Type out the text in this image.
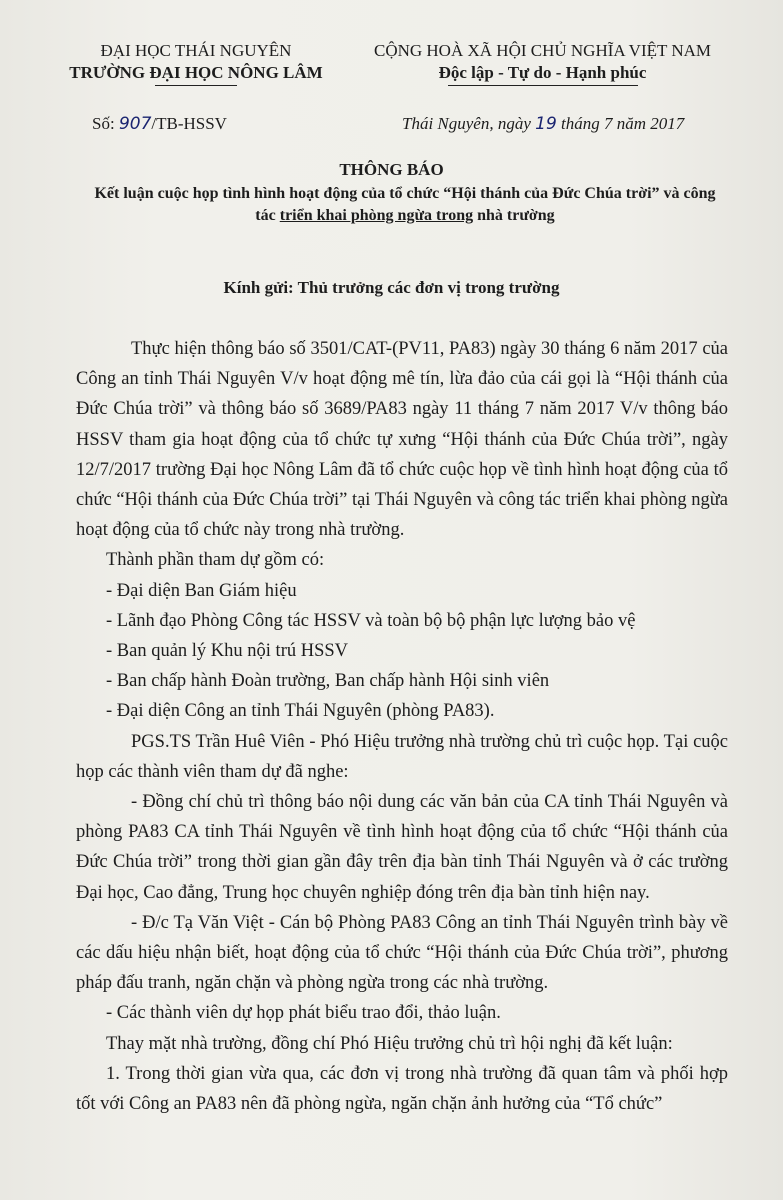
ĐẠI HỌC THÁI NGUYÊN
TRƯỜNG ĐẠI HỌC NÔNG LÂM
CỘNG HOÀ XÃ HỘI CHỦ NGHĨA VIỆT NAM
Độc lập - Tự do - Hạnh phúc
Số: 907/TB-HSSV	Thái Nguyên, ngày 19 tháng 7 năm 2017
THÔNG BÁO
Kết luận cuộc họp tình hình hoạt động của tổ chức “Hội thánh của Đức Chúa trời” và công tác triển khai phòng ngừa trong nhà trường
Kính gửi: Thủ trưởng các đơn vị trong trường

Thực hiện thông báo số 3501/CAT-(PV11, PA83) ngày 30 tháng 6 năm 2017 của Công an tỉnh Thái Nguyên V/v hoạt động mê tín, lừa đảo của cái gọi là “Hội thánh của Đức Chúa trời” và thông báo số 3689/PA83 ngày 11 tháng 7 năm 2017 V/v thông báo HSSV tham gia hoạt động của tổ chức tự xưng “Hội thánh của Đức Chúa trời”, ngày 12/7/2017 trường Đại học Nông Lâm đã tổ chức cuộc họp về tình hình hoạt động của tổ chức “Hội thánh của Đức Chúa trời” tại Thái Nguyên và công tác triển khai phòng ngừa hoạt động của tổ chức này trong nhà trường.

Thành phần tham dự gồm có:

- Đại diện Ban Giám hiệu

- Lãnh đạo Phòng Công tác HSSV và toàn bộ bộ phận lực lượng bảo vệ

- Ban quản lý Khu nội trú HSSV

- Ban chấp hành Đoàn trường, Ban chấp hành Hội sinh viên

- Đại diện Công an tỉnh Thái Nguyên (phòng PA83).

PGS.TS Trần Huê Viên - Phó Hiệu trưởng nhà trường chủ trì cuộc họp. Tại cuộc họp các thành viên tham dự đã nghe:

- Đồng chí chủ trì thông báo nội dung các văn bản của CA tỉnh Thái Nguyên và phòng PA83 CA tỉnh Thái Nguyên về tình hình hoạt động của tổ chức “Hội thánh của Đức Chúa trời” trong thời gian gần đây trên địa bàn tỉnh Thái Nguyên và ở các trường Đại học, Cao đẳng, Trung học chuyên nghiệp đóng trên địa bàn tỉnh hiện nay.

- Đ/c Tạ Văn Việt - Cán bộ Phòng PA83 Công an tỉnh Thái Nguyên trình bày về các dấu hiệu nhận biết, hoạt động của tổ chức “Hội thánh của Đức Chúa trời”, phương pháp đấu tranh, ngăn chặn và phòng ngừa trong các nhà trường.

- Các thành viên dự họp phát biểu trao đổi, thảo luận.

Thay mặt nhà trường, đồng chí Phó Hiệu trưởng chủ trì hội nghị đã kết luận:

1. Trong thời gian vừa qua, các đơn vị trong nhà trường đã quan tâm và phối hợp tốt với Công an PA83 nên đã phòng ngừa, ngăn chặn ảnh hưởng của “Tổ chức”
